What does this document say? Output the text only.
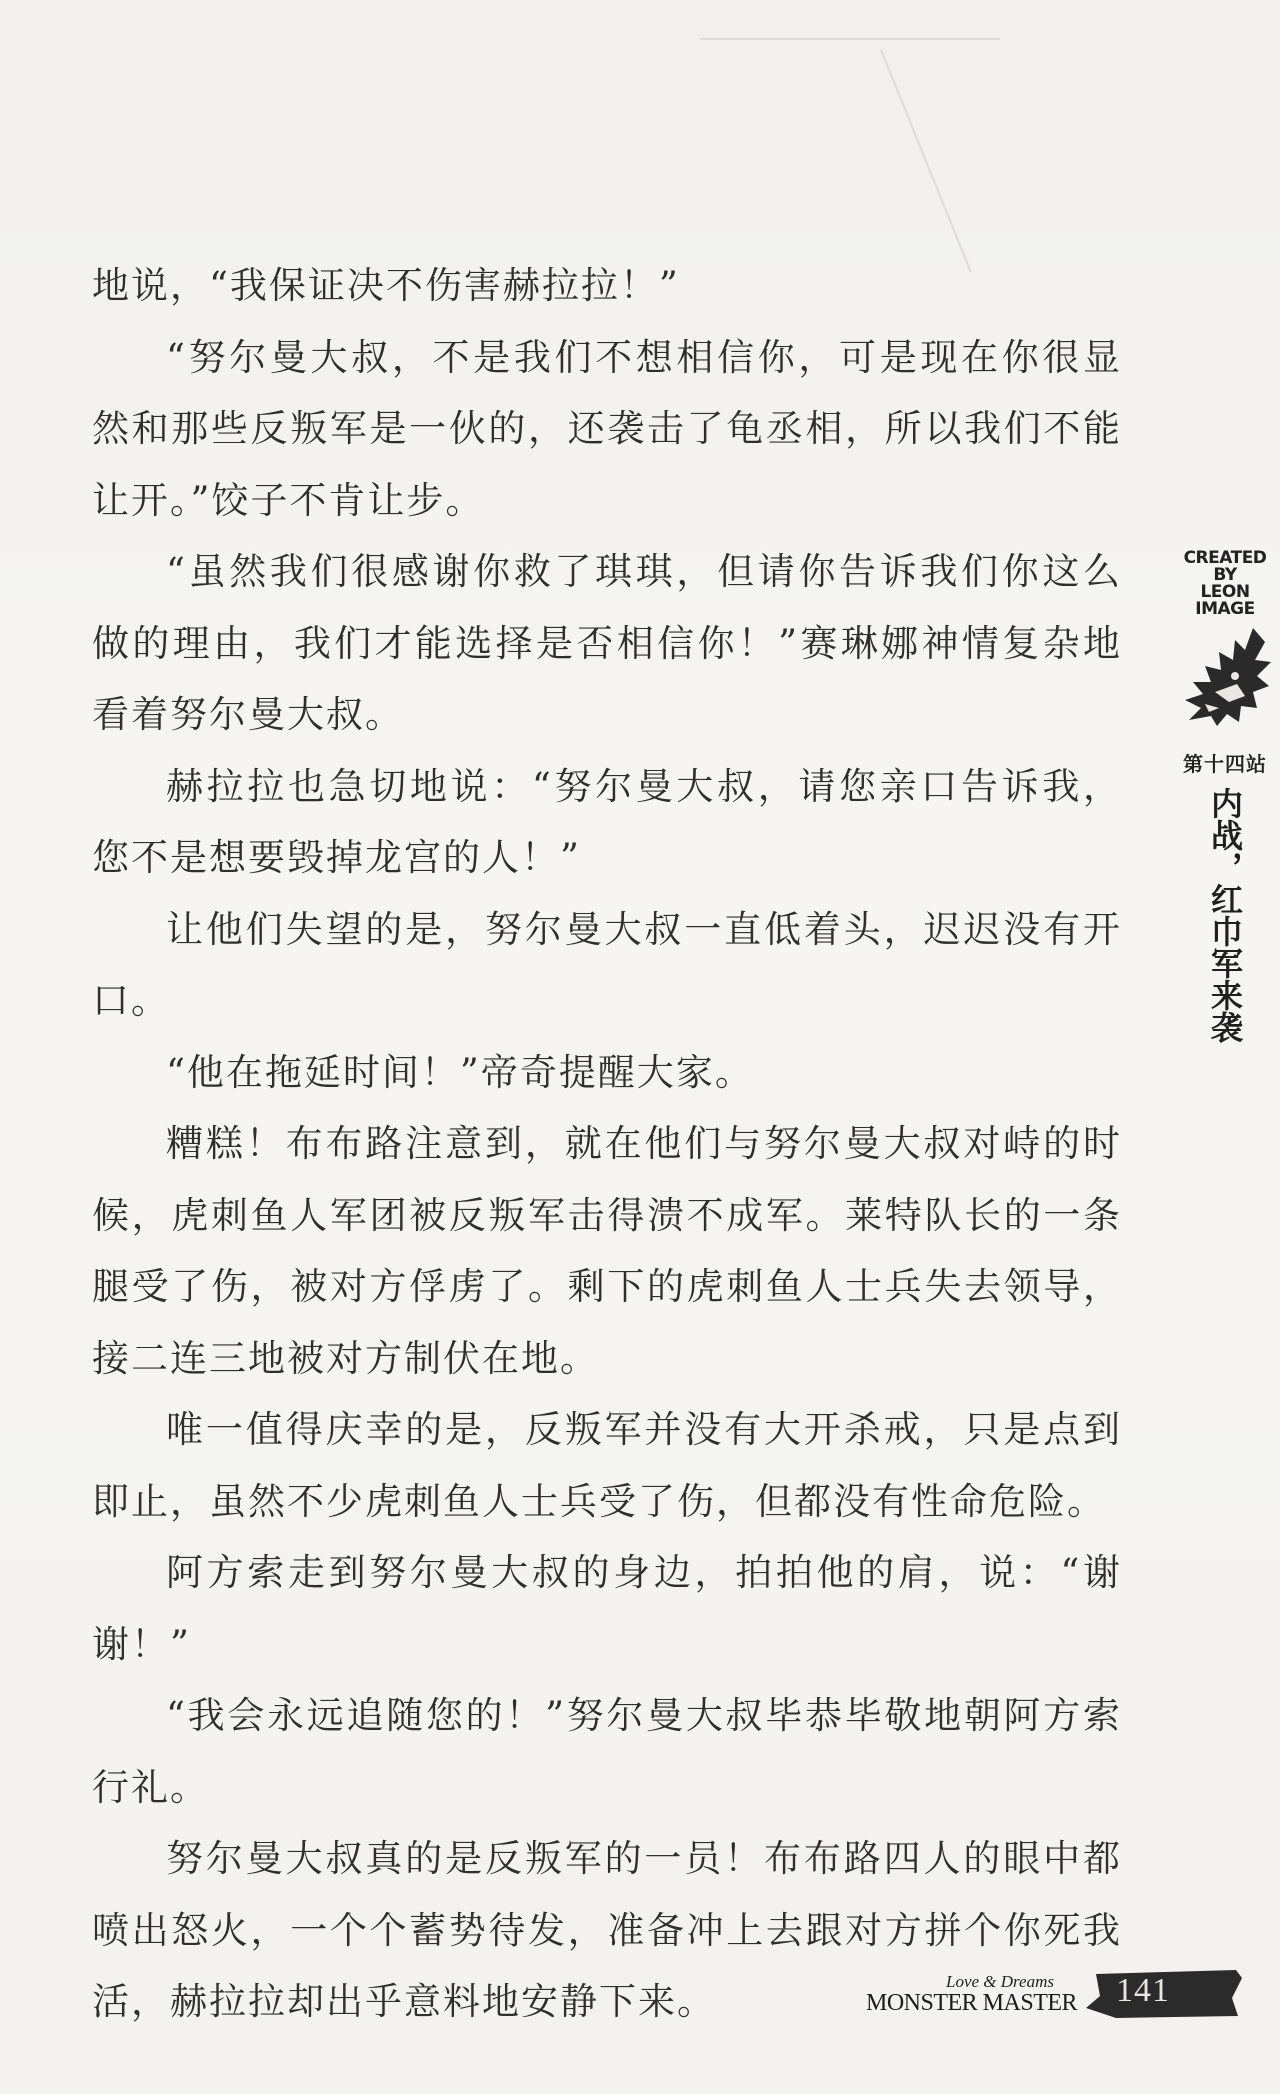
地说，“我保证决不伤害赫拉拉！”

“努尔曼大叔，不是我们不想相信你，可是现在你很显然和那些反叛军是一伙的，还袭击了龟丞相，所以我们不能让开。”饺子不肯让步。

“虽然我们很感谢你救了琪琪，但请你告诉我们你这么做的理由，我们才能选择是否相信你！”赛琳娜神情复杂地看着努尔曼大叔。

赫拉拉也急切地说：“努尔曼大叔，请您亲口告诉我，您不是想要毁掉龙宫的人！”

让他们失望的是，努尔曼大叔一直低着头，迟迟没有开口。

“他在拖延时间！”帝奇提醒大家。

糟糕！布布路注意到，就在他们与努尔曼大叔对峙的时候，虎刺鱼人军团被反叛军击得溃不成军。莱特队长的一条腿受了伤，被对方俘虏了。剩下的虎刺鱼人士兵失去领导，接二连三地被对方制伏在地。

唯一值得庆幸的是，反叛军并没有大开杀戒，只是点到即止，虽然不少虎刺鱼人士兵受了伤，但都没有性命危险。

阿方索走到努尔曼大叔的身边，拍拍他的肩，说：“谢谢！”

“我会永远追随您的！”努尔曼大叔毕恭毕敬地朝阿方索行礼。

努尔曼大叔真的是反叛军的一员！布布路四人的眼中都喷出怒火，一个个蓄势待发，准备冲上去跟对方拼个你死我活，赫拉拉却出乎意料地安静下来。

CREATED
BY
LEON
IMAGE
第十四站
内战，红巾军来袭
Love & Dreams
MONSTER MASTER 141
